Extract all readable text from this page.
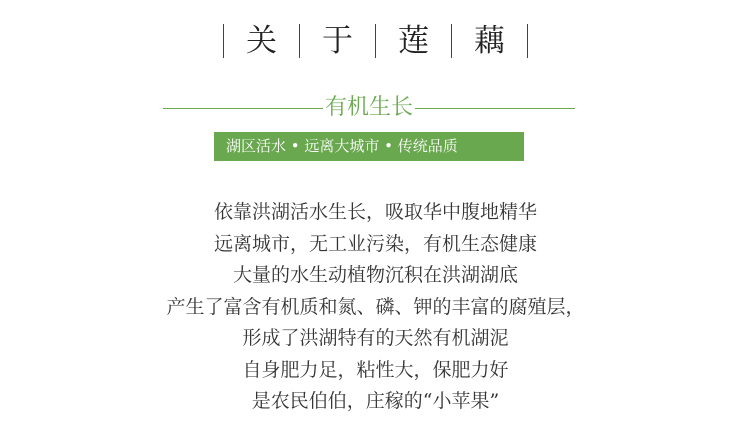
关	于	莲	藕
有机生长
湖区活水 • 远离大城市 • 传统品质
依靠洪湖活水生长，吸取华中腹地精华
远离城市，无工业污染，有机生态健康
大量的水生动植物沉积在洪湖湖底
产生了富含有机质和氮、磷、钾的丰富的腐殖层，
形成了洪湖特有的天然有机湖泥
自身肥力足，粘性大，保肥力好
是农民伯伯，庄稼的“小苹果”
